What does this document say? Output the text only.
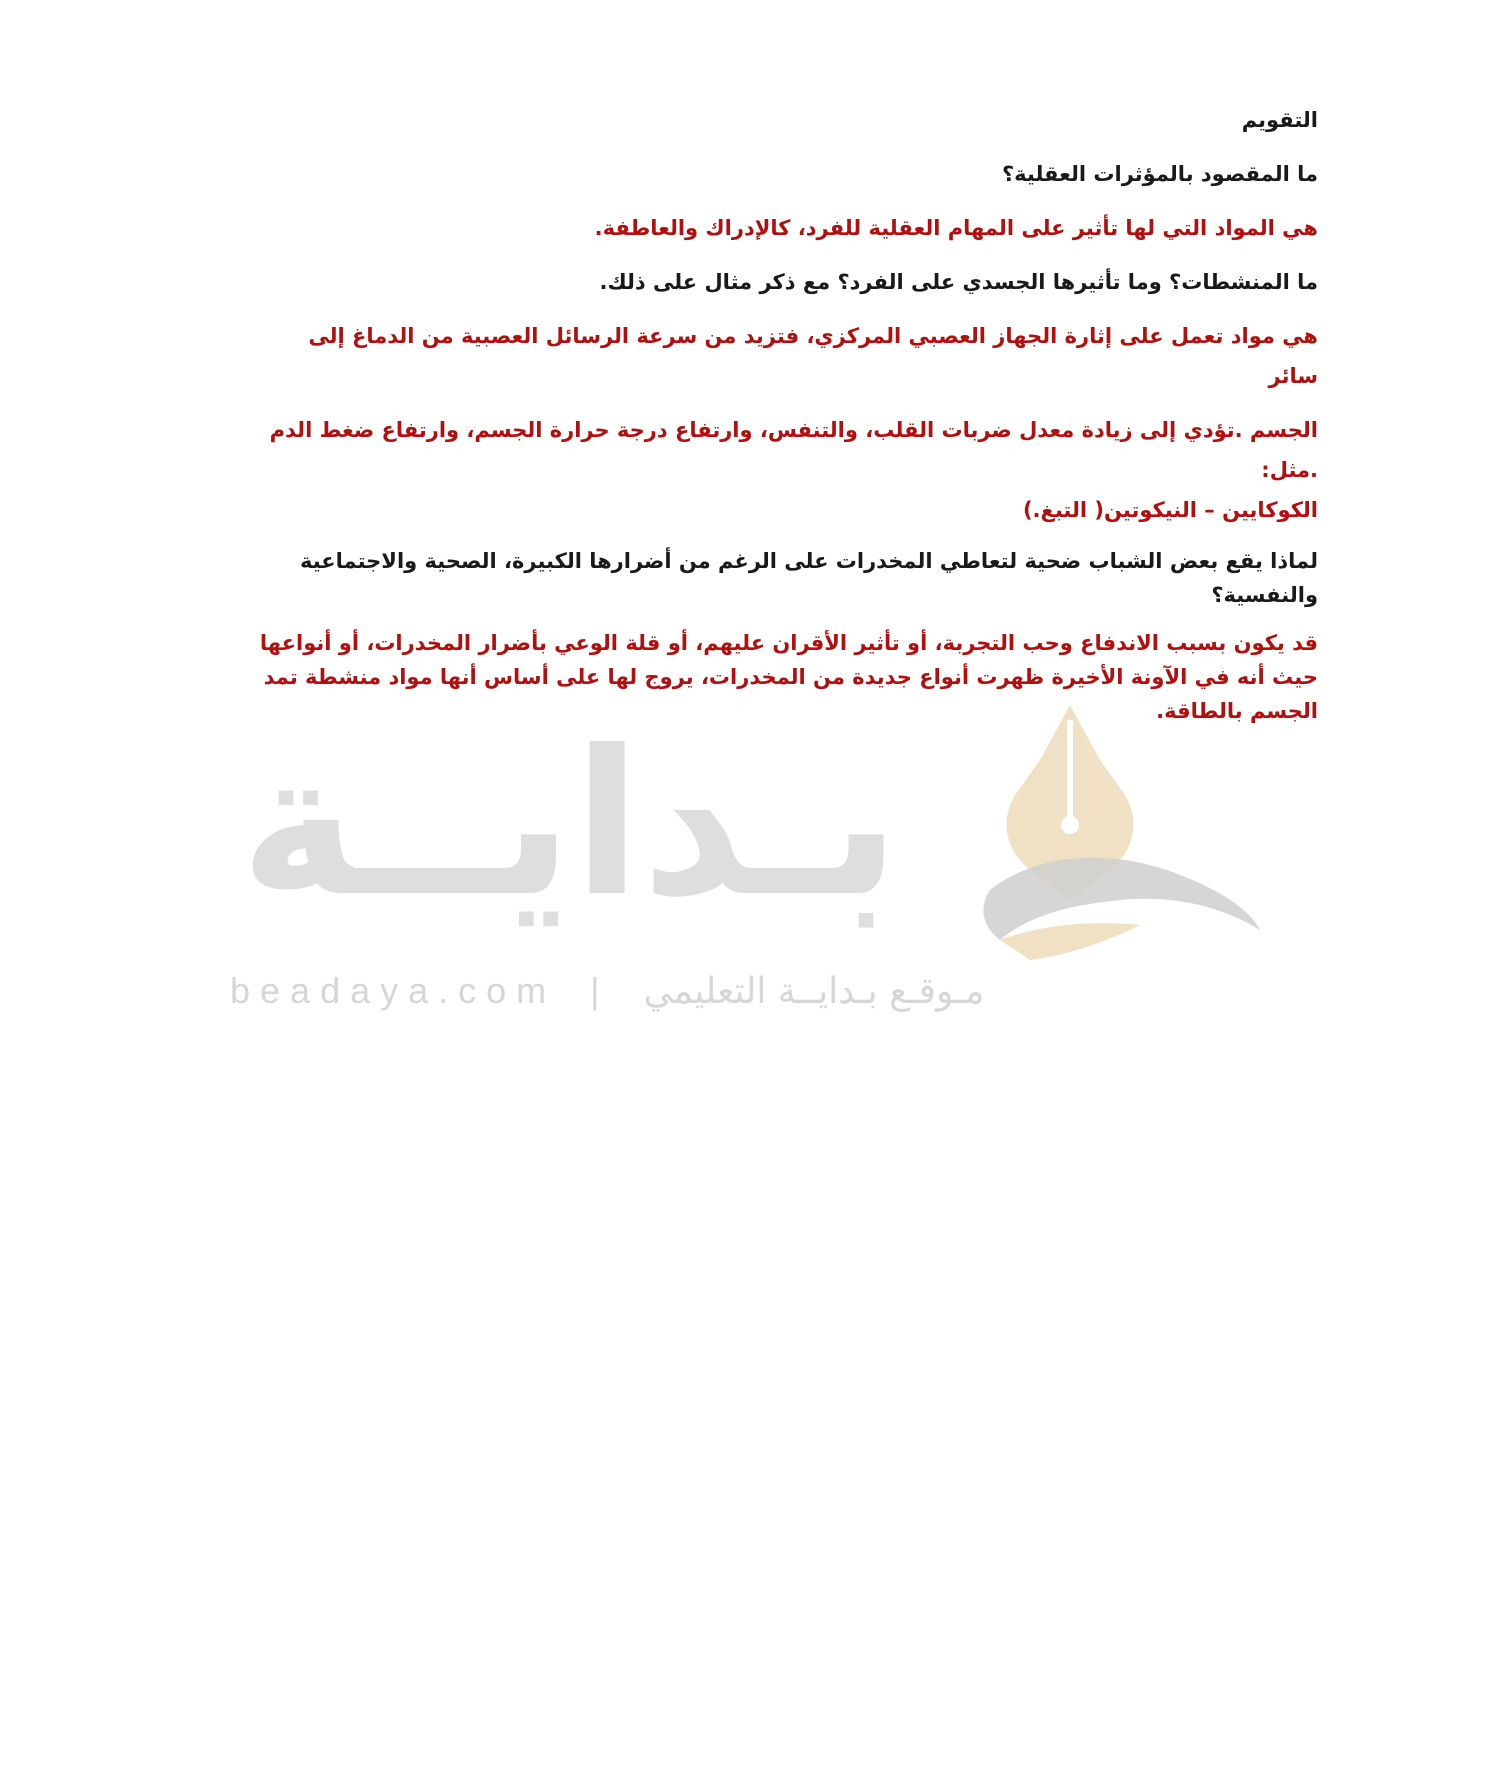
التقويم

ما المقصود بالمؤثرات العقلية؟

هي المواد التي لها تأثير على المهام العقلية للفرد، كالإدراك والعاطفة.

ما المنشطات؟ وما تأثيرها الجسدي على الفرد؟ مع ذكر مثال على ذلك.

هي مواد تعمل على إثارة الجهاز العصبي المركزي، فتزيد من سرعة الرسائل العصبية من الدماغ إلى سائر

الجسم .تؤدي إلى زيادة معدل ضربات القلب، والتنفس، وارتفاع درجة حرارة الجسم، وارتفاع ضغط الدم .مثل:
الكوكايين – النيكوتين( التبغ.)

لماذا يقع بعض الشباب ضحية لتعاطي المخدرات على الرغم من أضرارها الكبيرة، الصحية والاجتماعية والنفسية؟

قد يكون بسبب الاندفاع وحب التجربة، أو تأثير الأقران عليهم، أو قلة الوعي بأضرار المخدرات، أو أنواعها حيث أنه في الآونة الأخيرة ظهرت أنواع جديدة من المخدرات، يروج لها على أساس أنها مواد منشطة تمد الجسم بالطاقة.

بـدايــة
beadaya.com | مـوقـع بـدايــة التعليمي
